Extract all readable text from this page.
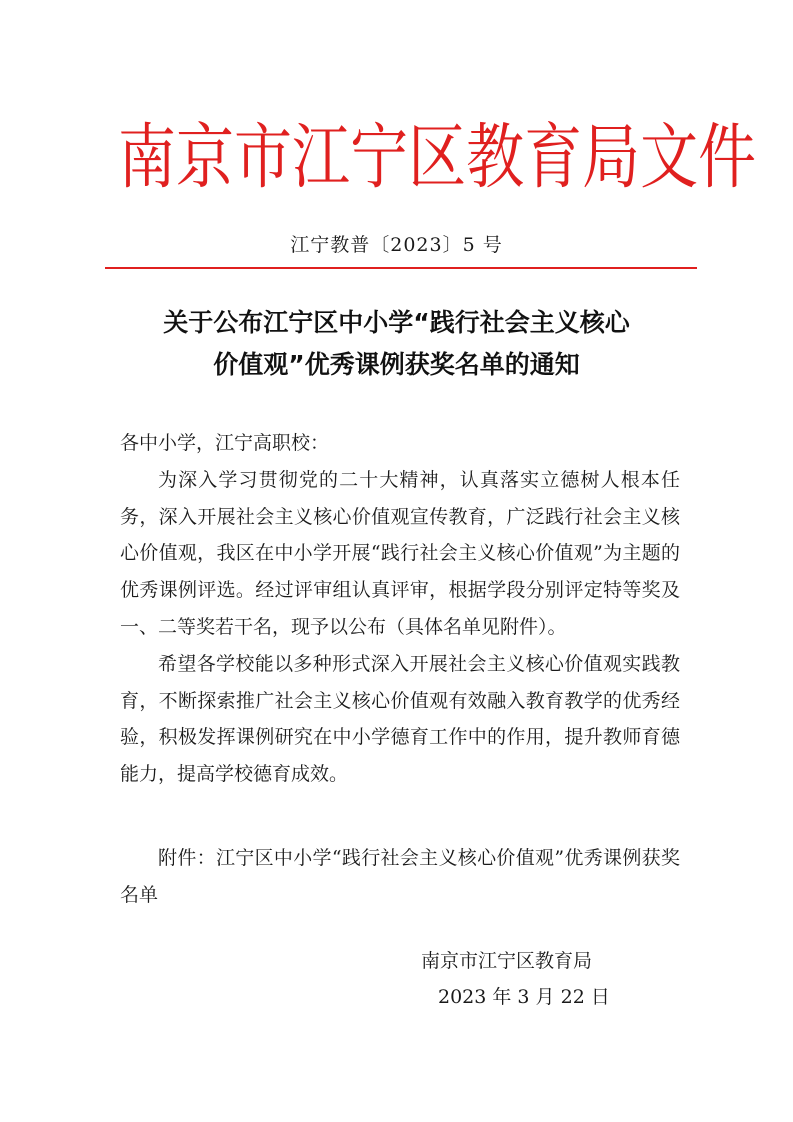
南 京 市 江 宁 区 教 育 局 文 件
江宁教普〔2023〕5 号
关于公布江宁区中小学“践行社会主义核心
价值观”优秀课例获奖名单的通知

各中小学，江宁高职校：

为深入学习贯彻党的二十大精神，认真落实立德树人根本任务，深入开展社会主义核心价值观宣传教育，广泛践行社会主义核心价值观，我区在中小学开展“践行社会主义核心价值观”为主题的优秀课例评选。经过评审组认真评审，根据学段分别评定特等奖及一、二等奖若干名，现予以公布（具体名单见附件）。

希望各学校能以多种形式深入开展社会主义核心价值观实践教育，不断探索推广社会主义核心价值观有效融入教育教学的优秀经验，积极发挥课例研究在中小学德育工作中的作用，提升教师育德能力，提高学校德育成效。

附件：江宁区中小学“践行社会主义核心价值观”优秀课例获奖名单
南京市江宁区教育局
2023 年 3 月 22 日
